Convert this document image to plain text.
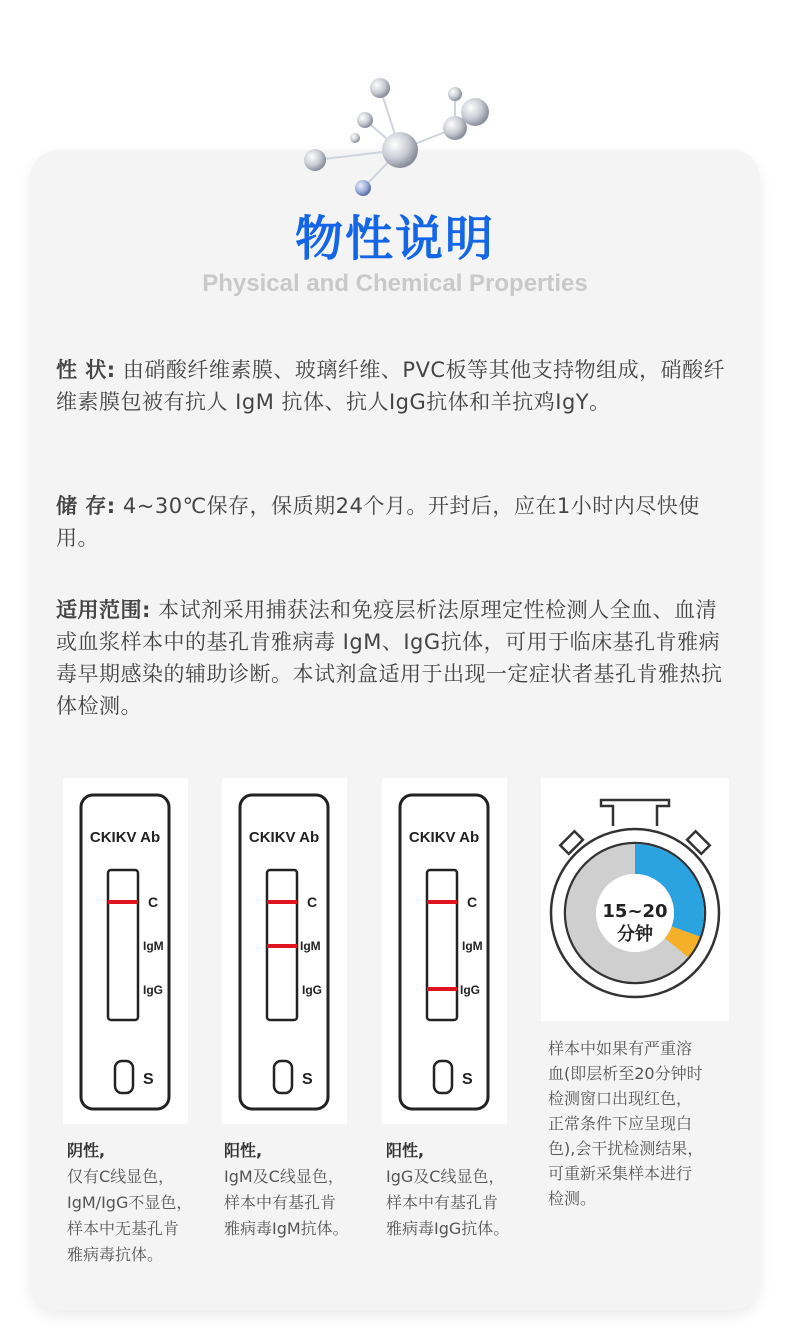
物性说明
Physical and Chemical Properties
性 状: 由硝酸纤维素膜、玻璃纤维、PVC板等其他支持物组成，硝酸纤维素膜包被有抗人 IgM 抗体、抗人IgG抗体和羊抗鸡IgY。
储 存: 4~30℃保存，保质期24个月。开封后，应在1小时内尽快使用。
适用范围: 本试剂采用捕获法和免疫层析法原理定性检测人全血、血清或血浆样本中的基孔肯雅病毒 IgM、IgG抗体，可用于临床基孔肯雅病毒早期感染的辅助诊断。本试剂盒适用于出现一定症状者基孔肯雅热抗体检测。
CKIKV Ab
C
IgM
IgG
S
CKIKV Ab
C
IgM
IgG
S
CKIKV Ab
C
IgM
IgG
S
15~20
分钟
阴性,
仅有C线显色，
IgM/IgG不显色，
样本中无基孔肯
雅病毒抗体。
阳性,
IgM及C线显色，
样本中有基孔肯
雅病毒IgM抗体。
阳性,
IgG及C线显色，
样本中有基孔肯
雅病毒IgG抗体。
样本中如果有严重溶
血(即层析至20分钟时
检测窗口出现红色，
正常条件下应呈现白
色),会干扰检测结果，
可重新采集样本进行
检测。
